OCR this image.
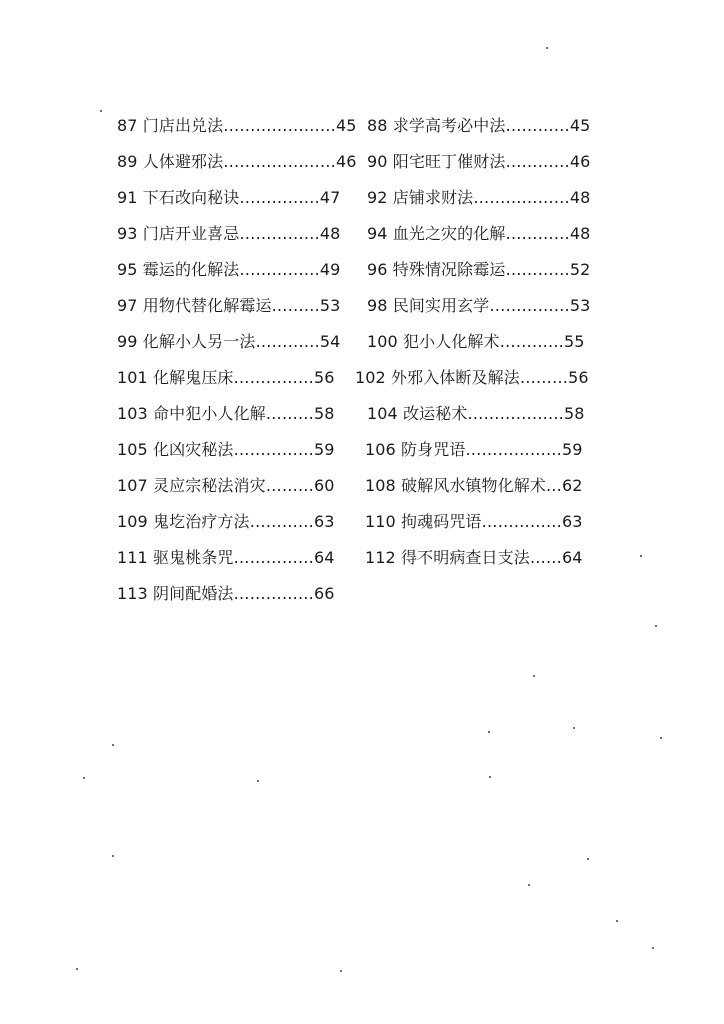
87 门店出兑法…………………45 88 求学高考必中法…………45
89 人体避邪法…………………46 90 阳宅旺丁催财法…………46
91 下石改向秘诀……………47 92 店铺求财法………………48
93 门店开业喜忌……………48 94 血光之灾的化解…………48
95 霉运的化解法……………49 96 特殊情况除霉运…………52
97 用物代替化解霉运………53 98 民间实用玄学……………53
99 化解小人另一法…………54 100 犯小人化解术…………55
101 化解鬼压床……………56 102 外邪入体断及解法………56
103 命中犯小人化解………58 104 改运秘术………………58
105 化凶灾秘法……………59 106 防身咒语………………59
107 灵应宗秘法消灾………60 108 破解风水镇物化解术…62
109 鬼圪治疗方法…………63 110 拘魂码咒语……………63
111 驱鬼桃条咒……………64 112 得不明病查日支法……64
113 阴间配婚法……………66
